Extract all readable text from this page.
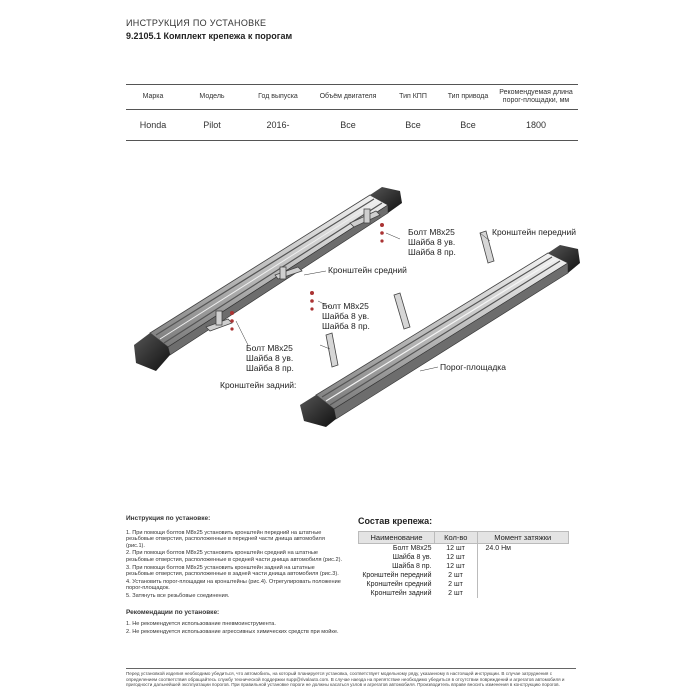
ИНСТРУКЦИЯ ПО УСТАНОВКЕ
9.2105.1 Комплект крепежа к порогам
Марка	Модель	Год выпуска	Объём двигателя	Тип КПП	Тип привода	Рекомендуемая длина порог-площадки, мм
Honda	Pilot	2016-	Все	Все	Все	1800
Болт M8x25
Шайба 8 ув.
Шайба 8 пр.
Кронштейн передний
Кронштейн средний
Болт M8x25
Шайба 8 ув.
Шайба 8 пр.
Болт M8x25
Шайба 8 ув.
Шайба 8 пр.
Кронштейн задний:
Порог-площадка
Инструкция по установке:

1. При помощи болтов M8x25 установить кронштейн передний на штатные резьбовые отверстия, расположенные в передней части днища автомобиля (рис.1).

2. При помощи болтов M8x25 установить кронштейн средний на штатные резьбовые отверстия, расположенные в средней части днища автомобиля (рис.2).

3. При помощи болтов M8x25 установить кронштейн задний на штатные резьбовые отверстия, расположенные в задней части днища автомобиля (рис.3).

4. Установить порог-площадки на кронштейны (рис.4). Отрегулировать положение порог-площадок.

5. Затянуть все резьбовые соединения.

Рекомендации по установке:

1. Не рекомендуется использование пневмоинструмента.

2. Не рекомендуется использование агрессивных химических средств при мойке.

Состав крепежа:
Наименование	Кол-во	Момент затяжки
Болт M8x25	12 шт	24.0 Нм
Шайба 8 ув.	12 шт	
Шайба 8 пр.	12 шт	
Кронштейн передний	2 шт	
Кронштейн средний	2 шт	
Кронштейн задний	2 шт	
Перед установкой изделия необходимо убедиться, что автомобиль, на который планируется установка, соответствует модельному ряду, указанному в настоящей инструкции. В случае затруднения с определением соответствия обращайтесь службу технической поддержки supp@rivalauto.com. В случае наезда на препятствие необходимо убедиться в отсутствии повреждений и агрегатов автомобиля и пригодности дальнейшей эксплуатации порогов. При правильной установке пороги не должны касаться узлов и агрегатов автомобиля. Производитель вправе вносить изменения в конструкцию порогов.
